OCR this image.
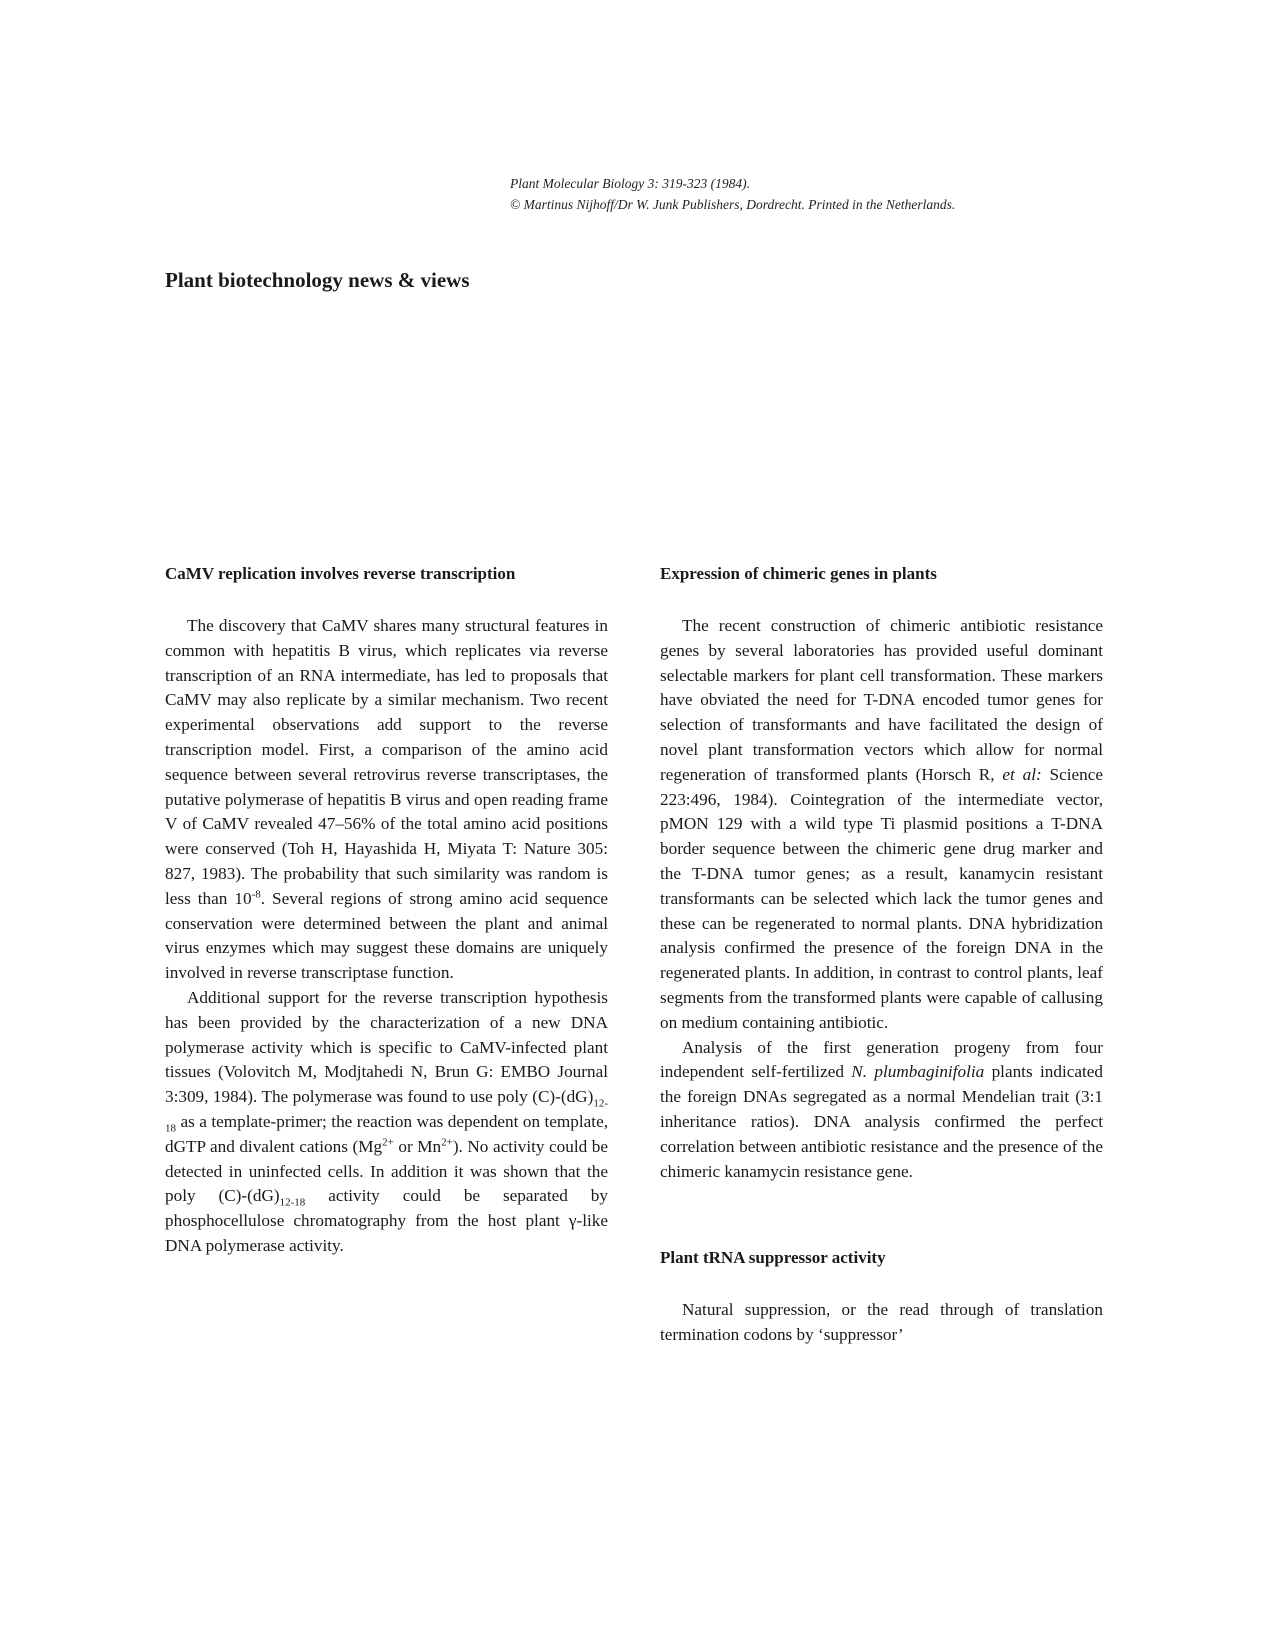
Plant Molecular Biology 3: 319-323 (1984).
© Martinus Nijhoff/Dr W. Junk Publishers, Dordrecht. Printed in the Netherlands.
Plant biotechnology news & views
CaMV replication involves reverse transcription

The discovery that CaMV shares many structural features in common with hepatitis B virus, which replicates via reverse transcription of an RNA intermediate, has led to proposals that CaMV may also replicate by a similar mechanism. Two recent experimental observations add support to the reverse transcription model. First, a comparison of the amino acid sequence between several retrovirus reverse transcriptases, the putative polymerase of hepatitis B virus and open reading frame V of CaMV revealed 47–56% of the total amino acid positions were conserved (Toh H, Hayashida H, Miyata T: Nature 305: 827, 1983). The probability that such similarity was random is less than $10^{-8}$. Several regions of strong amino acid sequence conservation were determined between the plant and animal virus enzymes which may suggest these domains are uniquely involved in reverse transcriptase function.

Additional support for the reverse transcription hypothesis has been provided by the characterization of a new DNA polymerase activity which is specific to CaMV-infected plant tissues (Volovitch M, Modjtahedi N, Brun G: EMBO Journal 3:309, 1984). The polymerase was found to use poly $(C)-(dG)_{12-18}$ as a template-primer; the reaction was dependent on template, dGTP and divalent cations ($Mg^{2+}$ or $Mn^{2+}$). No activity could be detected in uninfected cells. In addition it was shown that the poly $(C)-(dG)_{12-18}$ activity could be separated by phosphocellulose chromatography from the host plant γ-like DNA polymerase activity.

Expression of chimeric genes in plants

The recent construction of chimeric antibiotic resistance genes by several laboratories has provided useful dominant selectable markers for plant cell transformation. These markers have obviated the need for T-DNA encoded tumor genes for selection of transformants and have facilitated the design of novel plant transformation vectors which allow for normal regeneration of transformed plants (Horsch R, et al: Science 223:496, 1984). Cointegration of the intermediate vector, pMON 129 with a wild type Ti plasmid positions a T-DNA border sequence between the chimeric gene drug marker and the T-DNA tumor genes; as a result, kanamycin resistant transformants can be selected which lack the tumor genes and these can be regenerated to normal plants. DNA hybridization analysis confirmed the presence of the foreign DNA in the regenerated plants. In addition, in contrast to control plants, leaf segments from the transformed plants were capable of callusing on medium containing antibiotic.

Analysis of the first generation progeny from four independent self-fertilized N. plumbaginifolia plants indicated the foreign DNAs segregated as a normal Mendelian trait (3:1 inheritance ratios). DNA analysis confirmed the perfect correlation between antibiotic resistance and the presence of the chimeric kanamycin resistance gene.

Plant tRNA suppressor activity

Natural suppression, or the read through of translation termination codons by ‘suppressor’
